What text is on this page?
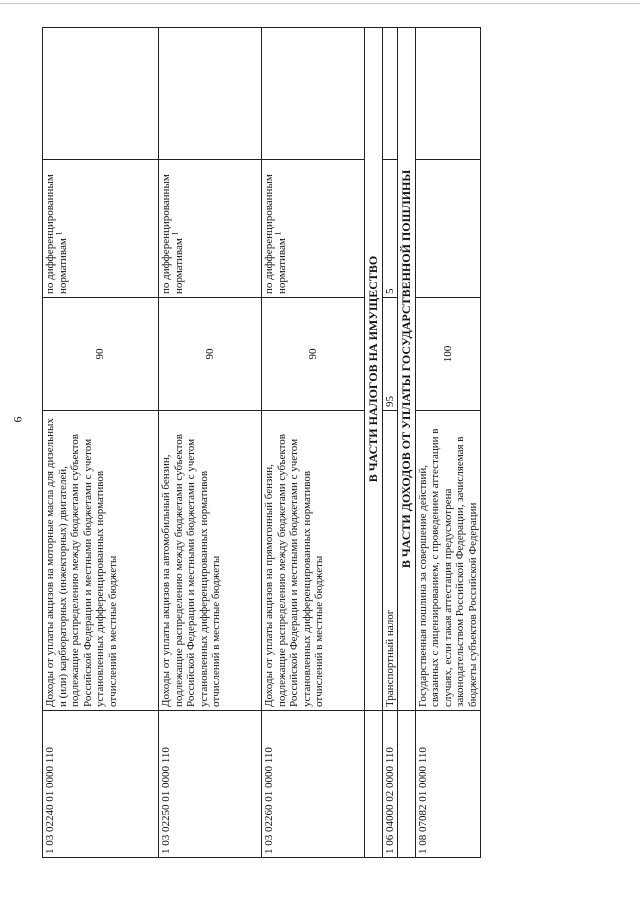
6
1 03 02240 01 0000 110	Доходы от уплаты акцизов на моторные масла для дизельных и (или) карбюраторных (инжекторных) двигателей, подлежащие распределению между бюджетами субъектов Российской Федерации и местными бюджетами с учетом установленных дифференцированных нормативов отчислений в местные бюджеты	90	по дифференцированным нормативам $^1$	
1 03 02250 01 0000 110	Доходы от уплаты акцизов на автомобильный бензин, подлежащие распределению между бюджетами субъектов Российской Федерации и местными бюджетами с учетом установленных дифференцированных нормативов отчислений в местные бюджеты	90	по дифференцированным нормативам $^1$	
1 03 02260 01 0000 110	Доходы от уплаты акцизов на прямогонный бензин, подлежащие распределению между бюджетами субъектов Российской Федерации и местными бюджетами с учетом установленных дифференцированных нормативов отчислений в местные бюджеты	90	по дифференцированным нормативам $^1$	
	В ЧАСТИ НАЛОГОВ НА ИМУЩЕСТВО			
1 06 04000 02 0000 110	Транспортный налог	95	5	
	В ЧАСТИ ДОХОДОВ ОТ УПЛАТЫ ГОСУДАРСТВЕННОЙ ПОШЛИНЫ			
1 08 07082 01 0000 110	Государственная пошлина за совершение действий, связанных с лицензированием, с проведением аттестации в случаях, если такая аттестация предусмотрена законодательством Российской Федерации, зачисляемая в бюджеты субъектов Российской Федерации	100		
